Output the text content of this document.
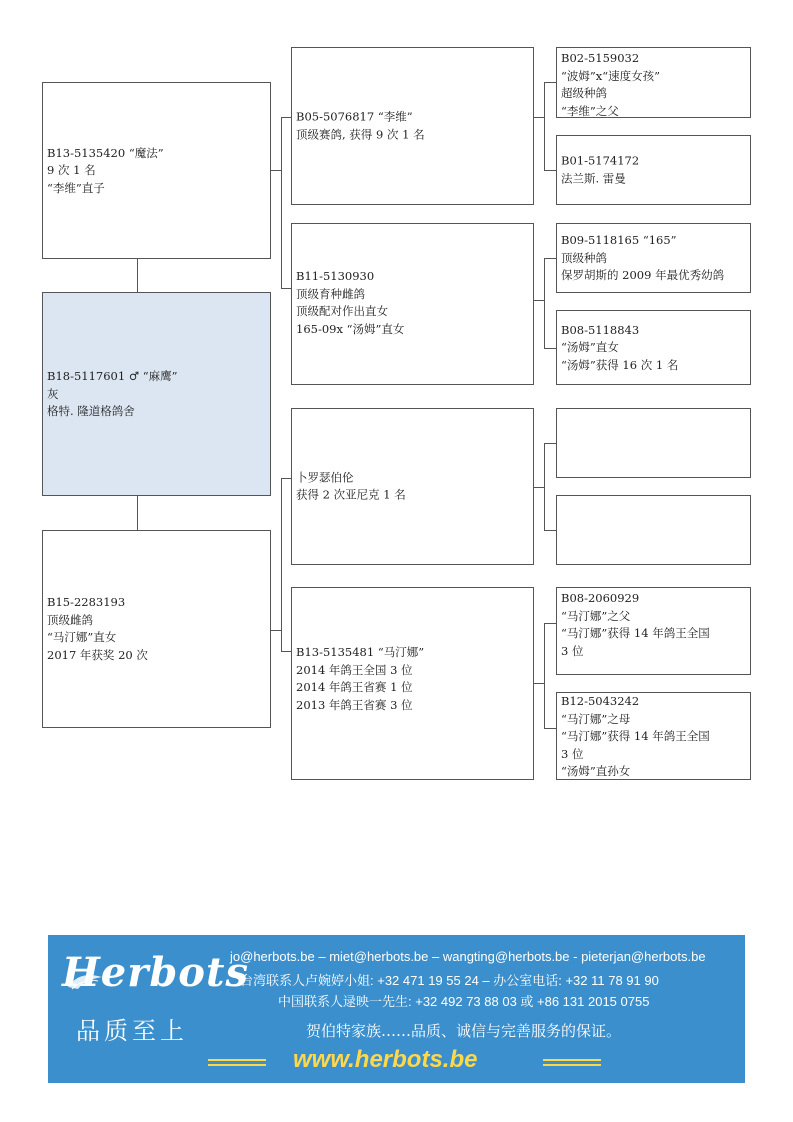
B13-5135420 “魔法”
9 次 1 名
“李维”直子
B18-5117601 ♂ “麻鹰”
灰
格特. 隆道格鸽舍
B15-2283193
顶级雌鸽
“马汀娜”直女
2017 年获奖 20 次
B05-5076817 “李维”
顶级赛鸽, 获得 9 次 1 名
B11-5130930
顶级育种雌鸽
顶级配对作出直女
165-09x “汤姆”直女
卜罗瑟伯伦
获得 2 次亚尼克 1 名
B13-5135481 “马汀娜”
2014 年鸽王全国 3 位
2014 年鸽王省赛 1 位
2013 年鸽王省赛 3 位
B02-5159032
“波姆”x“速度女孩”
超级种鸽
“李维”之父
B01-5174172
法兰斯. 雷曼
B09-5118165 “165”
顶级种鸽
保罗胡斯的 2009 年最优秀幼鸽
B08-5118843
“汤姆”直女
“汤姆”获得 16 次 1 名
B08-2060929
“马汀娜”之父
“马汀娜”获得 14 年鸽王全国
3 位
B12-5043242
“马汀娜”之母
“马汀娜”获得 14 年鸽王全国
3 位
“汤姆”直孙女
Herbots
品质至上
jo@herbots.be – miet@herbots.be – wangting@herbots.be - pieterjan@herbots.be
台湾联系人卢婉婷小姐: +32 471 19 55 24 – 办公室电话: +32 11 78 91 90
中国联系人逯映一先生: +32 492 73 88 03 或 +86 131 2015 0755
贺伯特家族……品质、诚信与完善服务的保证。
www.herbots.be
